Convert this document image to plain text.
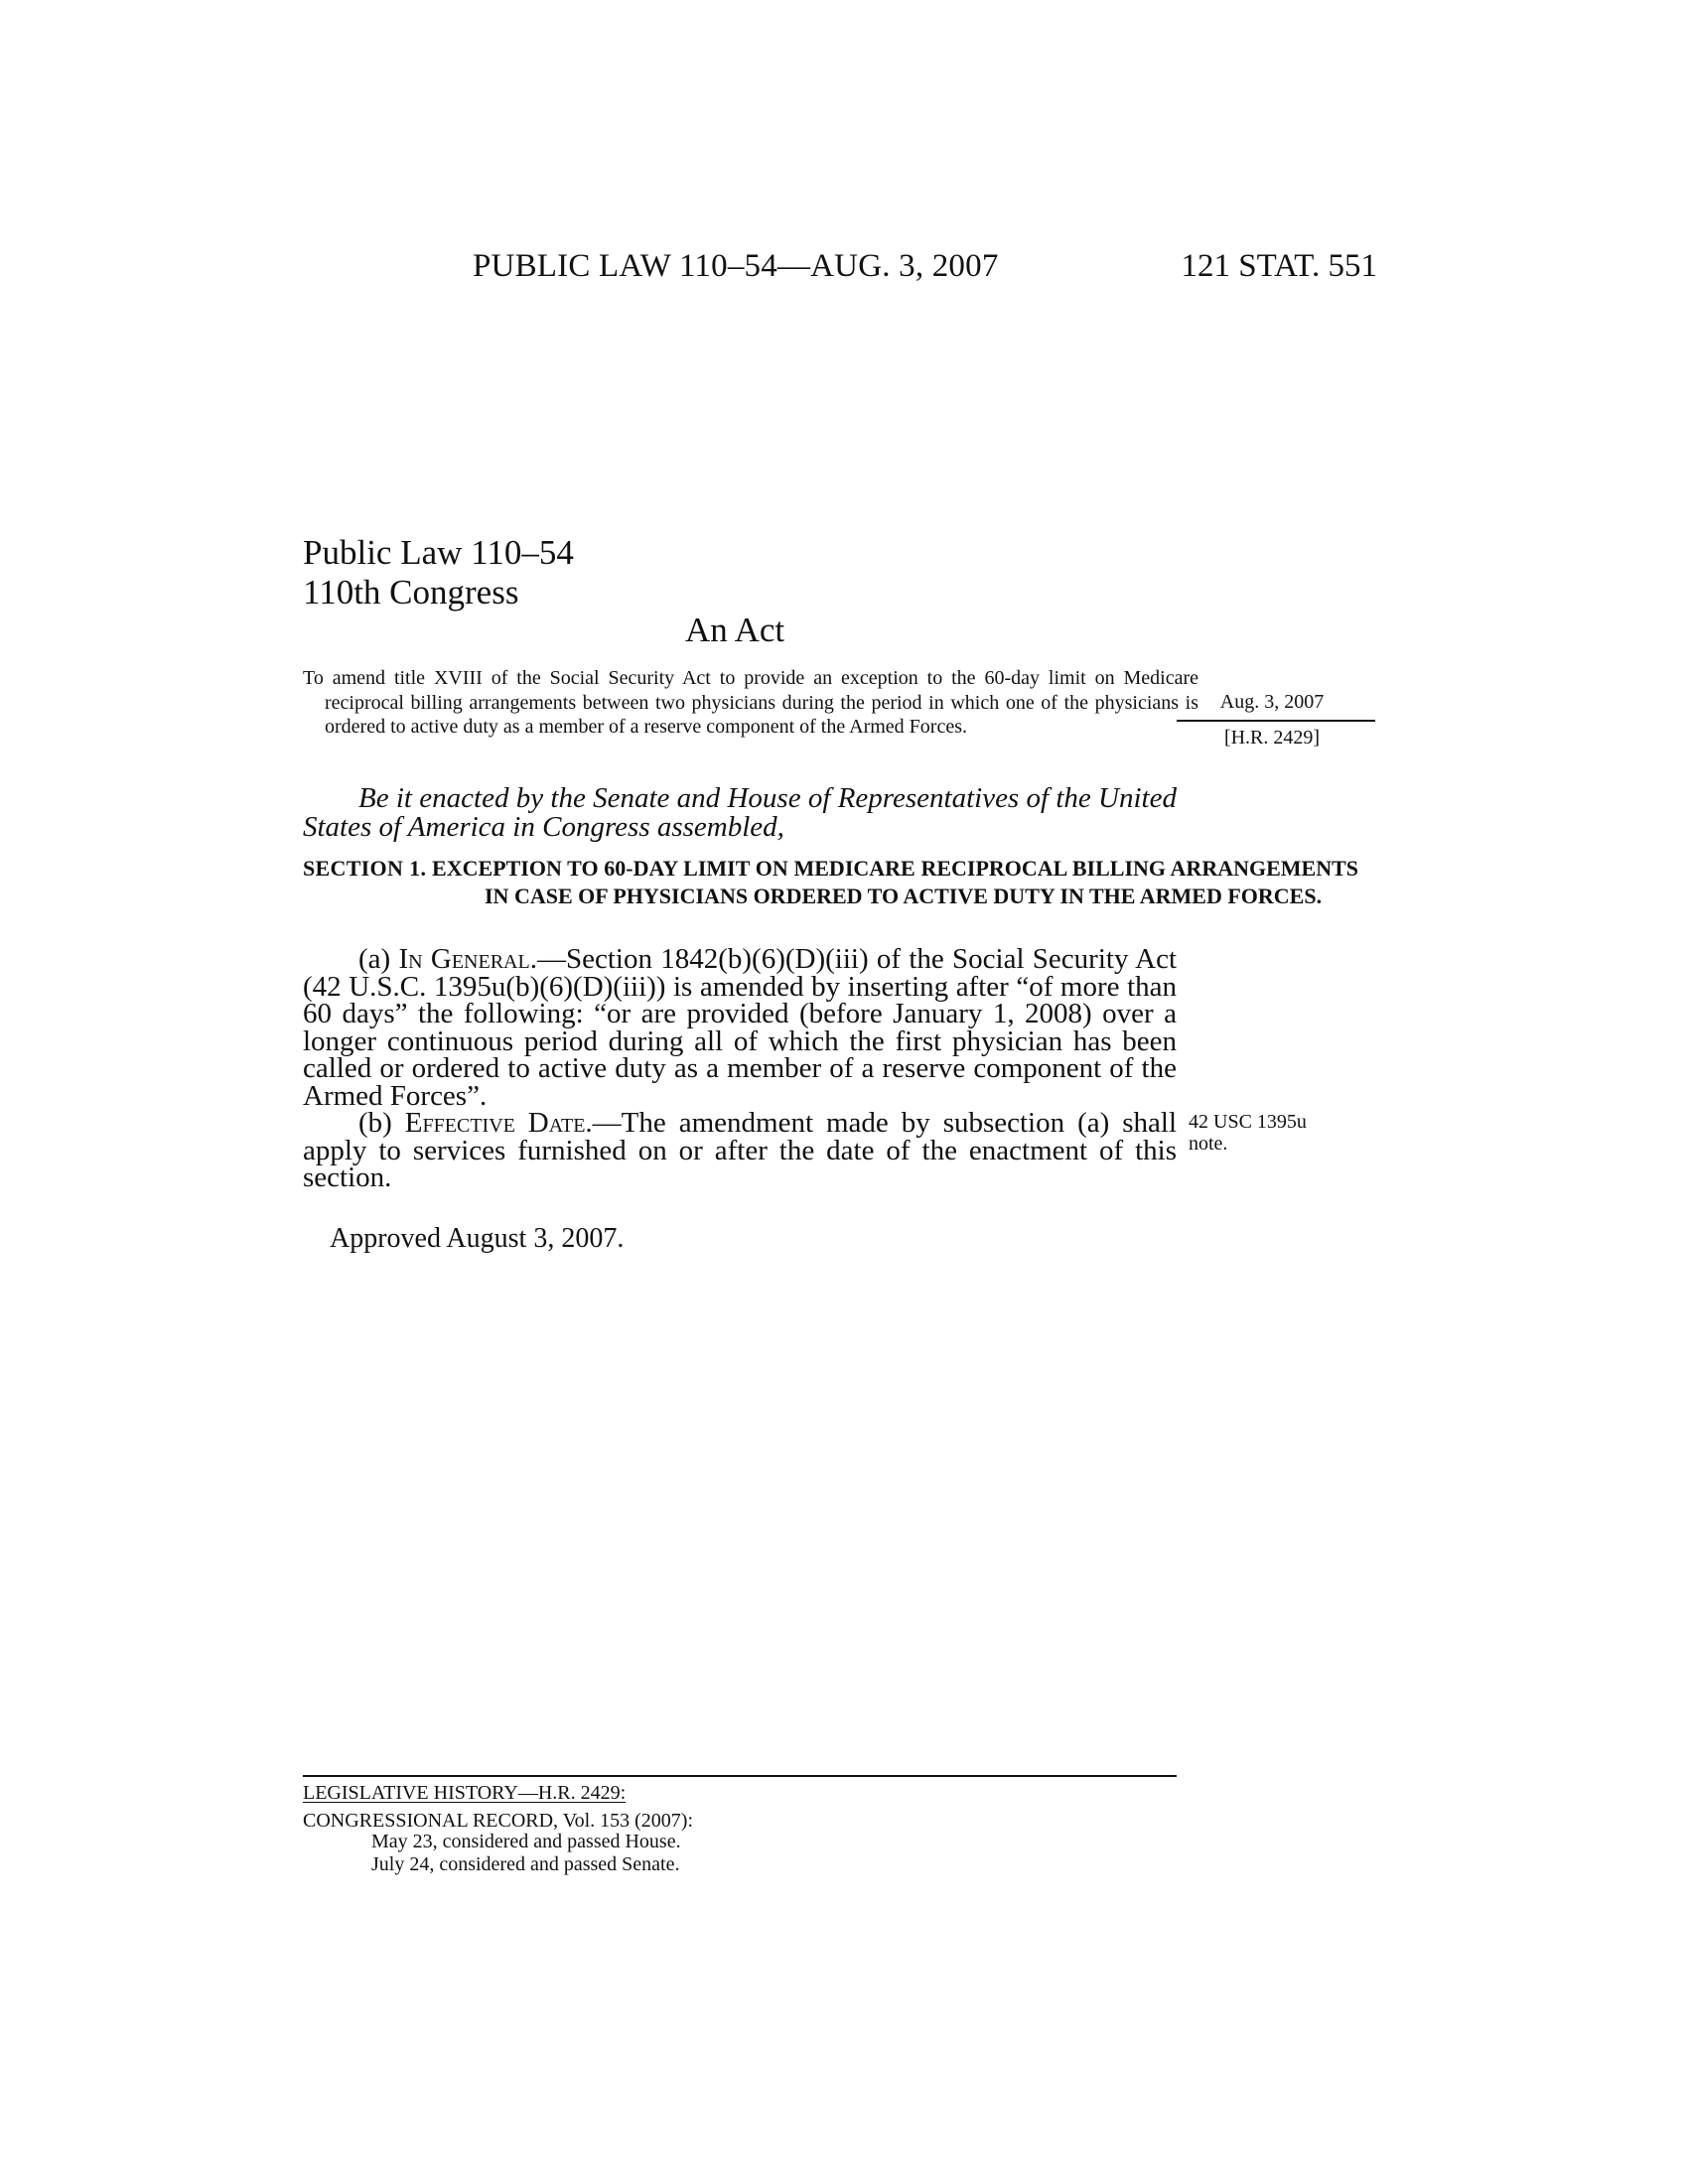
PUBLIC LAW 110–54—AUG. 3, 2007	121 STAT. 551
Public Law 110–54
110th Congress
An Act

To amend title XVIII of the Social Security Act to provide an exception to the 60-day limit on Medicare reciprocal billing arrangements between two physicians during the period in which one of the physicians is ordered to active duty as a member of a reserve component of the Armed Forces.

Aug. 3, 2007
[H.R. 2429]

Be it enacted by the Senate and House of Representatives of the United States of America in Congress assembled,

SECTION 1. EXCEPTION TO 60-DAY LIMIT ON MEDICARE RECIPROCAL BILLING ARRANGEMENTS IN CASE OF PHYSICIANS ORDERED TO ACTIVE DUTY IN THE ARMED FORCES.

(a) In General.—Section 1842(b)(6)(D)(iii) of the Social Security Act (42 U.S.C. 1395u(b)(6)(D)(iii)) is amended by inserting after “of more than 60 days” the following: “or are provided (before January 1, 2008) over a longer continuous period during all of which the first physician has been called or ordered to active duty as a member of a reserve component of the Armed Forces”.

(b) Effective Date.—The amendment made by subsection (a) shall apply to services furnished on or after the date of the enactment of this section.

42 USC 1395u note.
Approved August 3, 2007.
LEGISLATIVE HISTORY—H.R. 2429:
CONGRESSIONAL RECORD, Vol. 153 (2007):
May 23, considered and passed House.
July 24, considered and passed Senate.
